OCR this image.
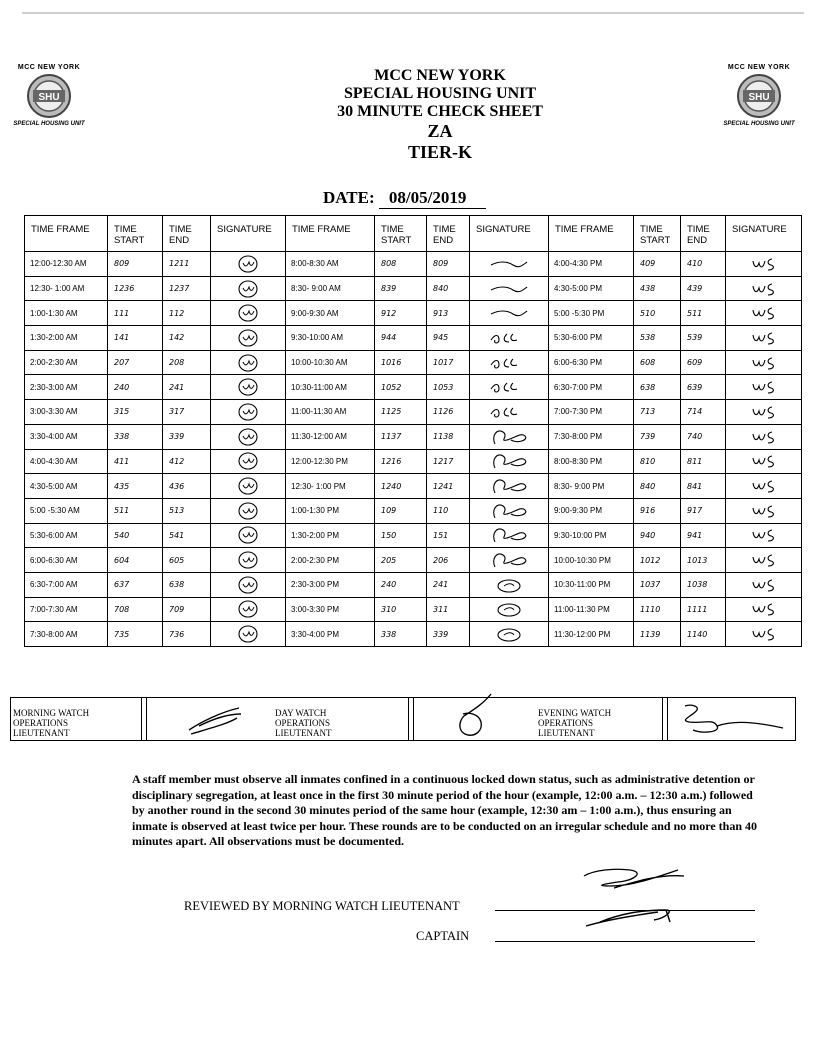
MCC NEW YORK
SHU
SPECIAL HOUSING UNIT
MCC NEW YORK
SHU
SPECIAL HOUSING UNIT
MCC NEW YORK
SPECIAL HOUSING UNIT
30 MINUTE CHECK SHEET
ZA
TIER-K
DATE: 08/05/2019
TIME FRAME	TIME START	TIME END	SIGNATURE	TIME FRAME	TIME START	TIME END	SIGNATURE	TIME FRAME	TIME START	TIME END	SIGNATURE
12:00-12:30 AM	809	1211		8:00-8:30 AM	808	809		4:00-4:30 PM	409	410	

12:30- 1:00 AM	1236	1237		8:30- 9:00 AM	839	840		4:30-5:00 PM	438	439	

1:00-1:30 AM	111	112		9:00-9:30 AM	912	913		5:00 -5:30 PM	510	511	

1:30-2:00 AM	141	142		9:30-10:00 AM	944	945		5:30-6:00 PM	538	539	

2:00-2:30 AM	207	208		10:00-10:30 AM	1016	1017		6:00-6:30 PM	608	609	

2:30-3:00 AM	240	241		10:30-11:00 AM	1052	1053		6:30-7:00 PM	638	639	

3:00-3:30 AM	315	317		11:00-11:30 AM	1125	1126		7:00-7:30 PM	713	714	

3:30-4:00 AM	338	339		11:30-12:00 AM	1137	1138		7:30-8:00 PM	739	740	

4:00-4:30 AM	411	412		12:00-12:30 PM	1216	1217		8:00-8:30 PM	810	811	

4:30-5:00 AM	435	436		12:30- 1:00 PM	1240	1241		8:30- 9:00 PM	840	841	

5:00 -5:30 AM	511	513		1:00-1:30 PM	109	110		9:00-9:30 PM	916	917	

5:30-6:00 AM	540	541		1:30-2:00 PM	150	151		9:30-10:00 PM	940	941	

6:00-6:30 AM	604	605		2:00-2:30 PM	205	206		10:00-10:30 PM	1012	1013	

6:30-7:00 AM	637	638		2:30-3:00 PM	240	241		10:30-11:00 PM	1037	1038	

7:00-7:30 AM	708	709		3:00-3:30 PM	310	311		11:00-11:30 PM	1110	1111	

7:30-8:00 AM	735	736		3:30-4:00 PM	338	339		11:30-12:00 PM	1139	1140	
MORNING WATCH
OPERATIONS
LIEUTENANT
DAY WATCH
OPERATIONS
LIEUTENANT
EVENING WATCH
OPERATIONS
LIEUTENANT
A staff member must observe all inmates confined in a continuous locked down status, such as administrative detention or disciplinary segregation, at least once in the first 30 minute period of the hour (example, 12:00 a.m. – 12:30 a.m.) followed by another round in the second 30 minutes period of the same hour (example, 12:30 am – 1:00 a.m.), thus ensuring an inmate is observed at least twice per hour. These rounds are to be conducted on an irregular schedule and no more than 40 minutes apart. All observations must be documented.
REVIEWED BY MORNING WATCH LIEUTENANT
CAPTAIN
